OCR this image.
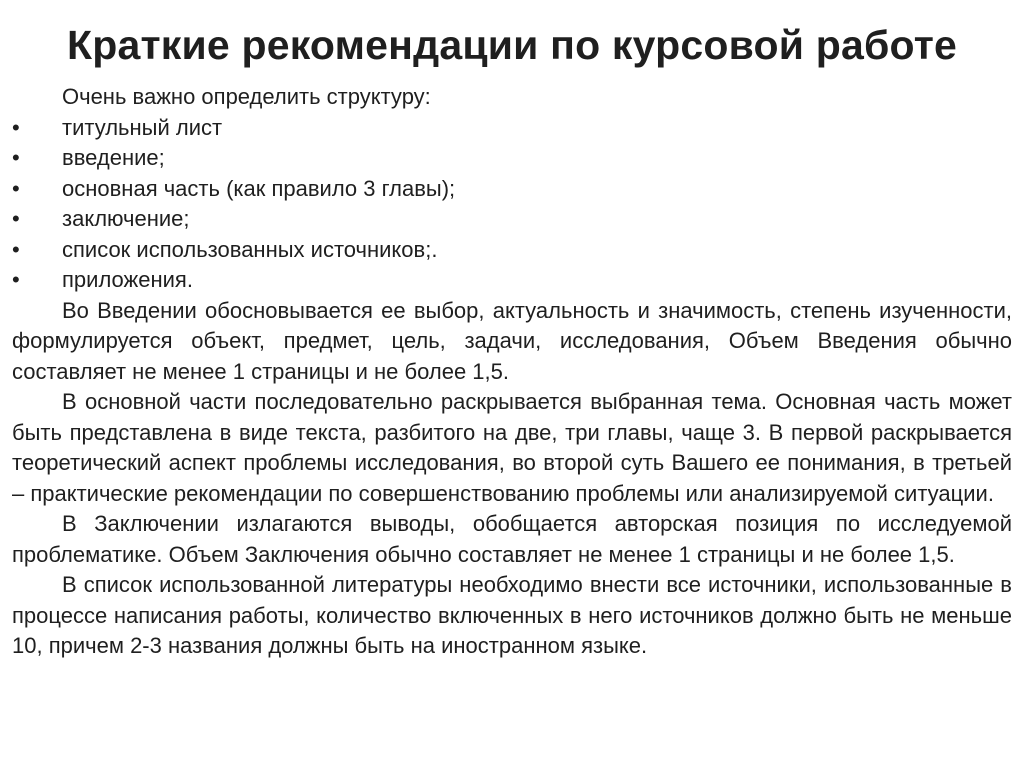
Краткие рекомендации по курсовой работе
Очень важно определить структуру:
• титульный лист
• введение;
• основная часть (как правило 3 главы);
• заключение;
• список использованных источников;.
• приложения.

Во Введении обосновывается ее выбор, актуальность и значимость, степень изученности, формулируется объект, предмет, цель, задачи, исследования, Объем Введения обычно составляет не менее 1 страницы и не более 1,5.

В основной части последовательно раскрывается выбранная тема. Основная часть может быть представлена в виде текста, разбитого на две, три главы, чаще 3. В первой раскрывается теоретический аспект проблемы исследования, во второй суть Вашего ее понимания, в третьей – практические рекомендации по совершенствованию проблемы или анализируемой ситуации.

В Заключении излагаются выводы, обобщается авторская позиция по исследуемой проблематике. Объем Заключения обычно составляет не менее 1 страницы и не более 1,5.

В список использованной литературы необходимо внести все источники, использованные в процессе написания работы, количество включенных в него источников должно быть не меньше 10, причем 2-3 названия должны быть на иностранном языке.
